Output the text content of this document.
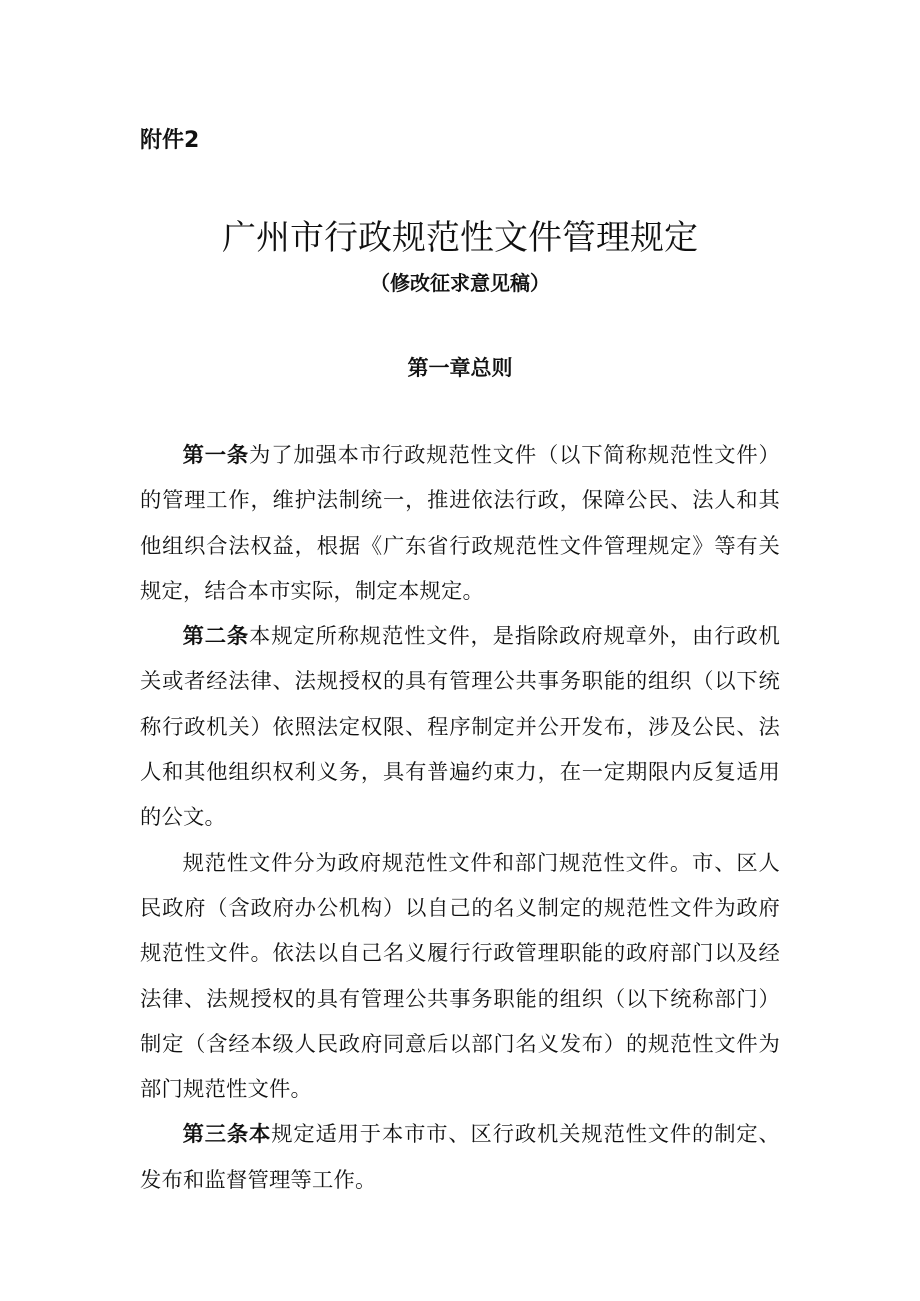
附件2
广州市行政规范性文件管理规定
（修改征求意见稿）
第一章总则

第一条为了加强本市行政规范性文件（以下简称规范性文件）的管理工作，维护法制统一，推进依法行政，保障公民、法人和其他组织合法权益，根据《广东省行政规范性文件管理规定》等有关规定，结合本市实际，制定本规定。

第二条本规定所称规范性文件，是指除政府规章外，由行政机关或者经法律、法规授权的具有管理公共事务职能的组织（以下统称行政机关）依照法定权限、程序制定并公开发布，涉及公民、法人和其他组织权利义务，具有普遍约束力，在一定期限内反复适用的公文。

规范性文件分为政府规范性文件和部门规范性文件。市、区人民政府（含政府办公机构）以自己的名义制定的规范性文件为政府规范性文件。依法以自己名义履行行政管理职能的政府部门以及经法律、法规授权的具有管理公共事务职能的组织（以下统称部门）制定（含经本级人民政府同意后以部门名义发布）的规范性文件为部门规范性文件。

第三条本规定适用于本市市、区行政机关规范性文件的制定、发布和监督管理等工作。
